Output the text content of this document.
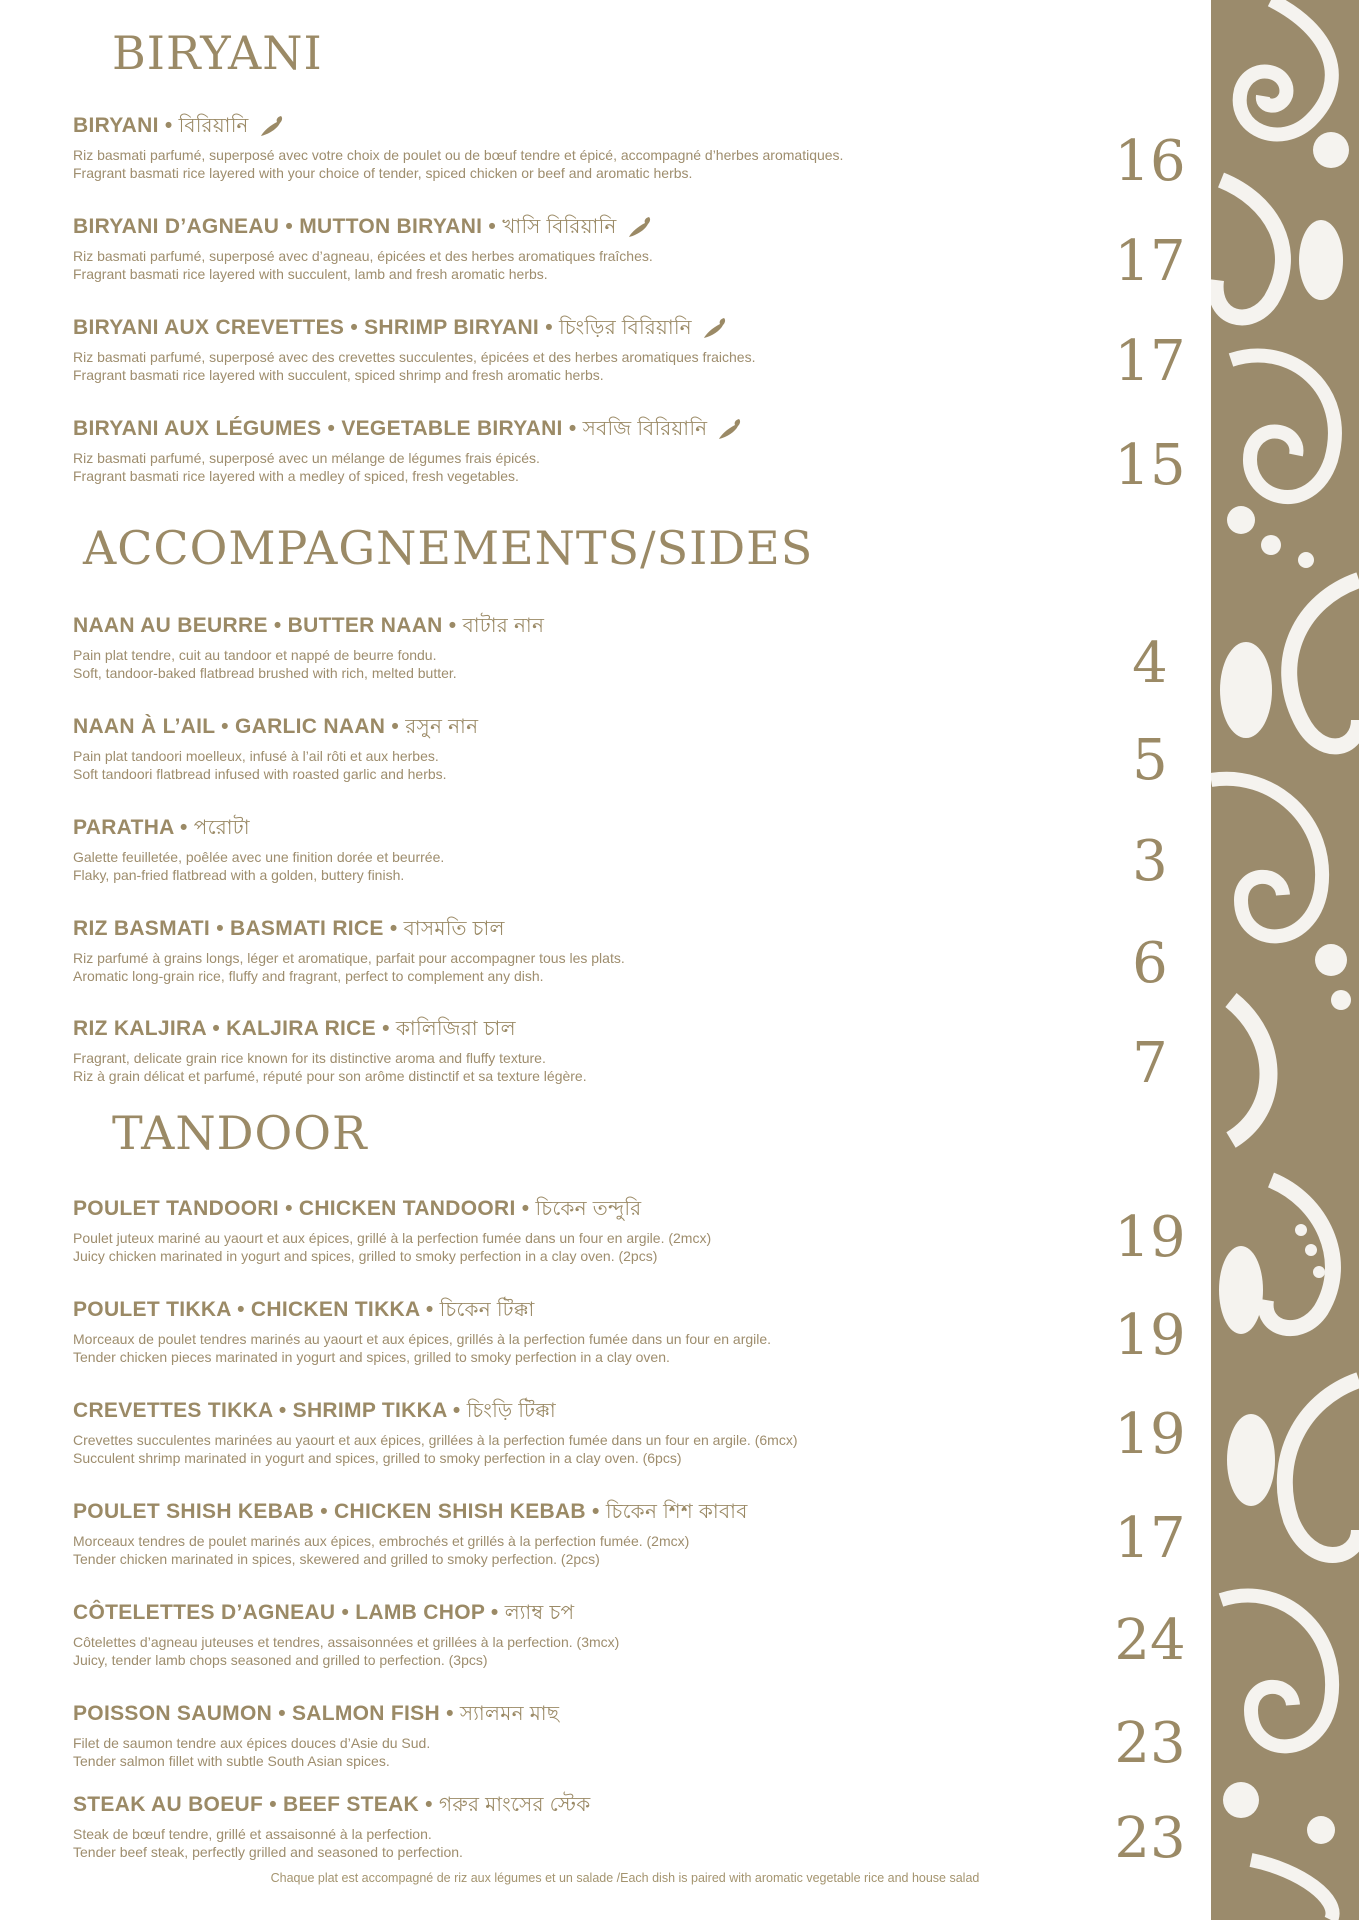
BIRYANI
BIRYANI • বিরিয়ানি
Riz basmati parfumé, superposé avec votre choix de poulet ou de bœuf tendre et épicé, accompagné d’herbes aromatiques.
Fragrant basmati rice layered with your choice of tender, spiced chicken or beef and aromatic herbs.	16
BIRYANI D’AGNEAU • MUTTON BIRYANI • খাসি বিরিয়ানি
Riz basmati parfumé, superposé avec d’agneau, épicées et des herbes aromatiques fraîches.
Fragrant basmati rice layered with succulent, lamb and fresh aromatic herbs.	17
BIRYANI AUX CREVETTES • SHRIMP BIRYANI • চিংড়ির বিরিয়ানি
Riz basmati parfumé, superposé avec des crevettes succulentes, épicées et des herbes aromatiques fraiches.
Fragrant basmati rice layered with succulent, spiced shrimp and fresh aromatic herbs.	17
BIRYANI AUX LÉGUMES • VEGETABLE BIRYANI • সবজি বিরিয়ানি
Riz basmati parfumé, superposé avec un mélange de légumes frais épicés.
Fragrant basmati rice layered with a medley of spiced, fresh vegetables.	15
ACCOMPAGNEMENTS/SIDES
NAAN AU BEURRE • BUTTER NAAN • বাটার নান
Pain plat tendre, cuit au tandoor et nappé de beurre fondu.
Soft, tandoor-baked flatbread brushed with rich, melted butter.	4
NAAN À L’AIL • GARLIC NAAN • রসুন নান
Pain plat tandoori moelleux, infusé à l’ail rôti et aux herbes.
Soft tandoori flatbread infused with roasted garlic and herbs.	5
PARATHA • পরোটা
Galette feuilletée, poêlée avec une finition dorée et beurrée.
Flaky, pan-fried flatbread with a golden, buttery finish.	3
RIZ BASMATI • BASMATI RICE • বাসমতি চাল
Riz parfumé à grains longs, léger et aromatique, parfait pour accompagner tous les plats.
Aromatic long-grain rice, fluffy and fragrant, perfect to complement any dish.	6
RIZ KALJIRA • KALJIRA RICE • কালিজিরা চাল
Fragrant, delicate grain rice known for its distinctive aroma and fluffy texture.
Riz à grain délicat et parfumé, réputé pour son arôme distinctif et sa texture légère.	7
TANDOOR
POULET TANDOORI • CHICKEN TANDOORI • চিকেন তন্দুরি
Poulet juteux mariné au yaourt et aux épices, grillé à la perfection fumée dans un four en argile. (2mcx)
Juicy chicken marinated in yogurt and spices, grilled to smoky perfection in a clay oven. (2pcs)	19
POULET TIKKA • CHICKEN TIKKA • চিকেন টিক্কা
Morceaux de poulet tendres marinés au yaourt et aux épices, grillés à la perfection fumée dans un four en argile.
Tender chicken pieces marinated in yogurt and spices, grilled to smoky perfection in a clay oven.	19
CREVETTES TIKKA • SHRIMP TIKKA • চিংড়ি টিক্কা
Crevettes succulentes marinées au yaourt et aux épices, grillées à la perfection fumée dans un four en argile. (6mcx)
Succulent shrimp marinated in yogurt and spices, grilled to smoky perfection in a clay oven. (6pcs)	19
POULET SHISH KEBAB • CHICKEN SHISH KEBAB • চিকেন শিশ কাবাব
Morceaux tendres de poulet marinés aux épices, embrochés et grillés à la perfection fumée. (2mcx)
Tender chicken marinated in spices, skewered and grilled to smoky perfection. (2pcs)	17
CÔTELETTES D’AGNEAU • LAMB CHOP • ল্যাম্ব চপ
Côtelettes d’agneau juteuses et tendres, assaisonnées et grillées à la perfection. (3mcx)
Juicy, tender lamb chops seasoned and grilled to perfection. (3pcs)	24
POISSON SAUMON • SALMON FISH • স্যালমন মাছ
Filet de saumon tendre aux épices douces d’Asie du Sud.
Tender salmon fillet with subtle South Asian spices.	23
STEAK AU BOEUF • BEEF STEAK • গরুর মাংসের স্টেক
Steak de bœuf tendre, grillé et assaisonné à la perfection.
Tender beef steak, perfectly grilled and seasoned to perfection.	23
Chaque plat est accompagné de riz aux légumes et un salade /Each dish is paired with aromatic vegetable rice and house salad
